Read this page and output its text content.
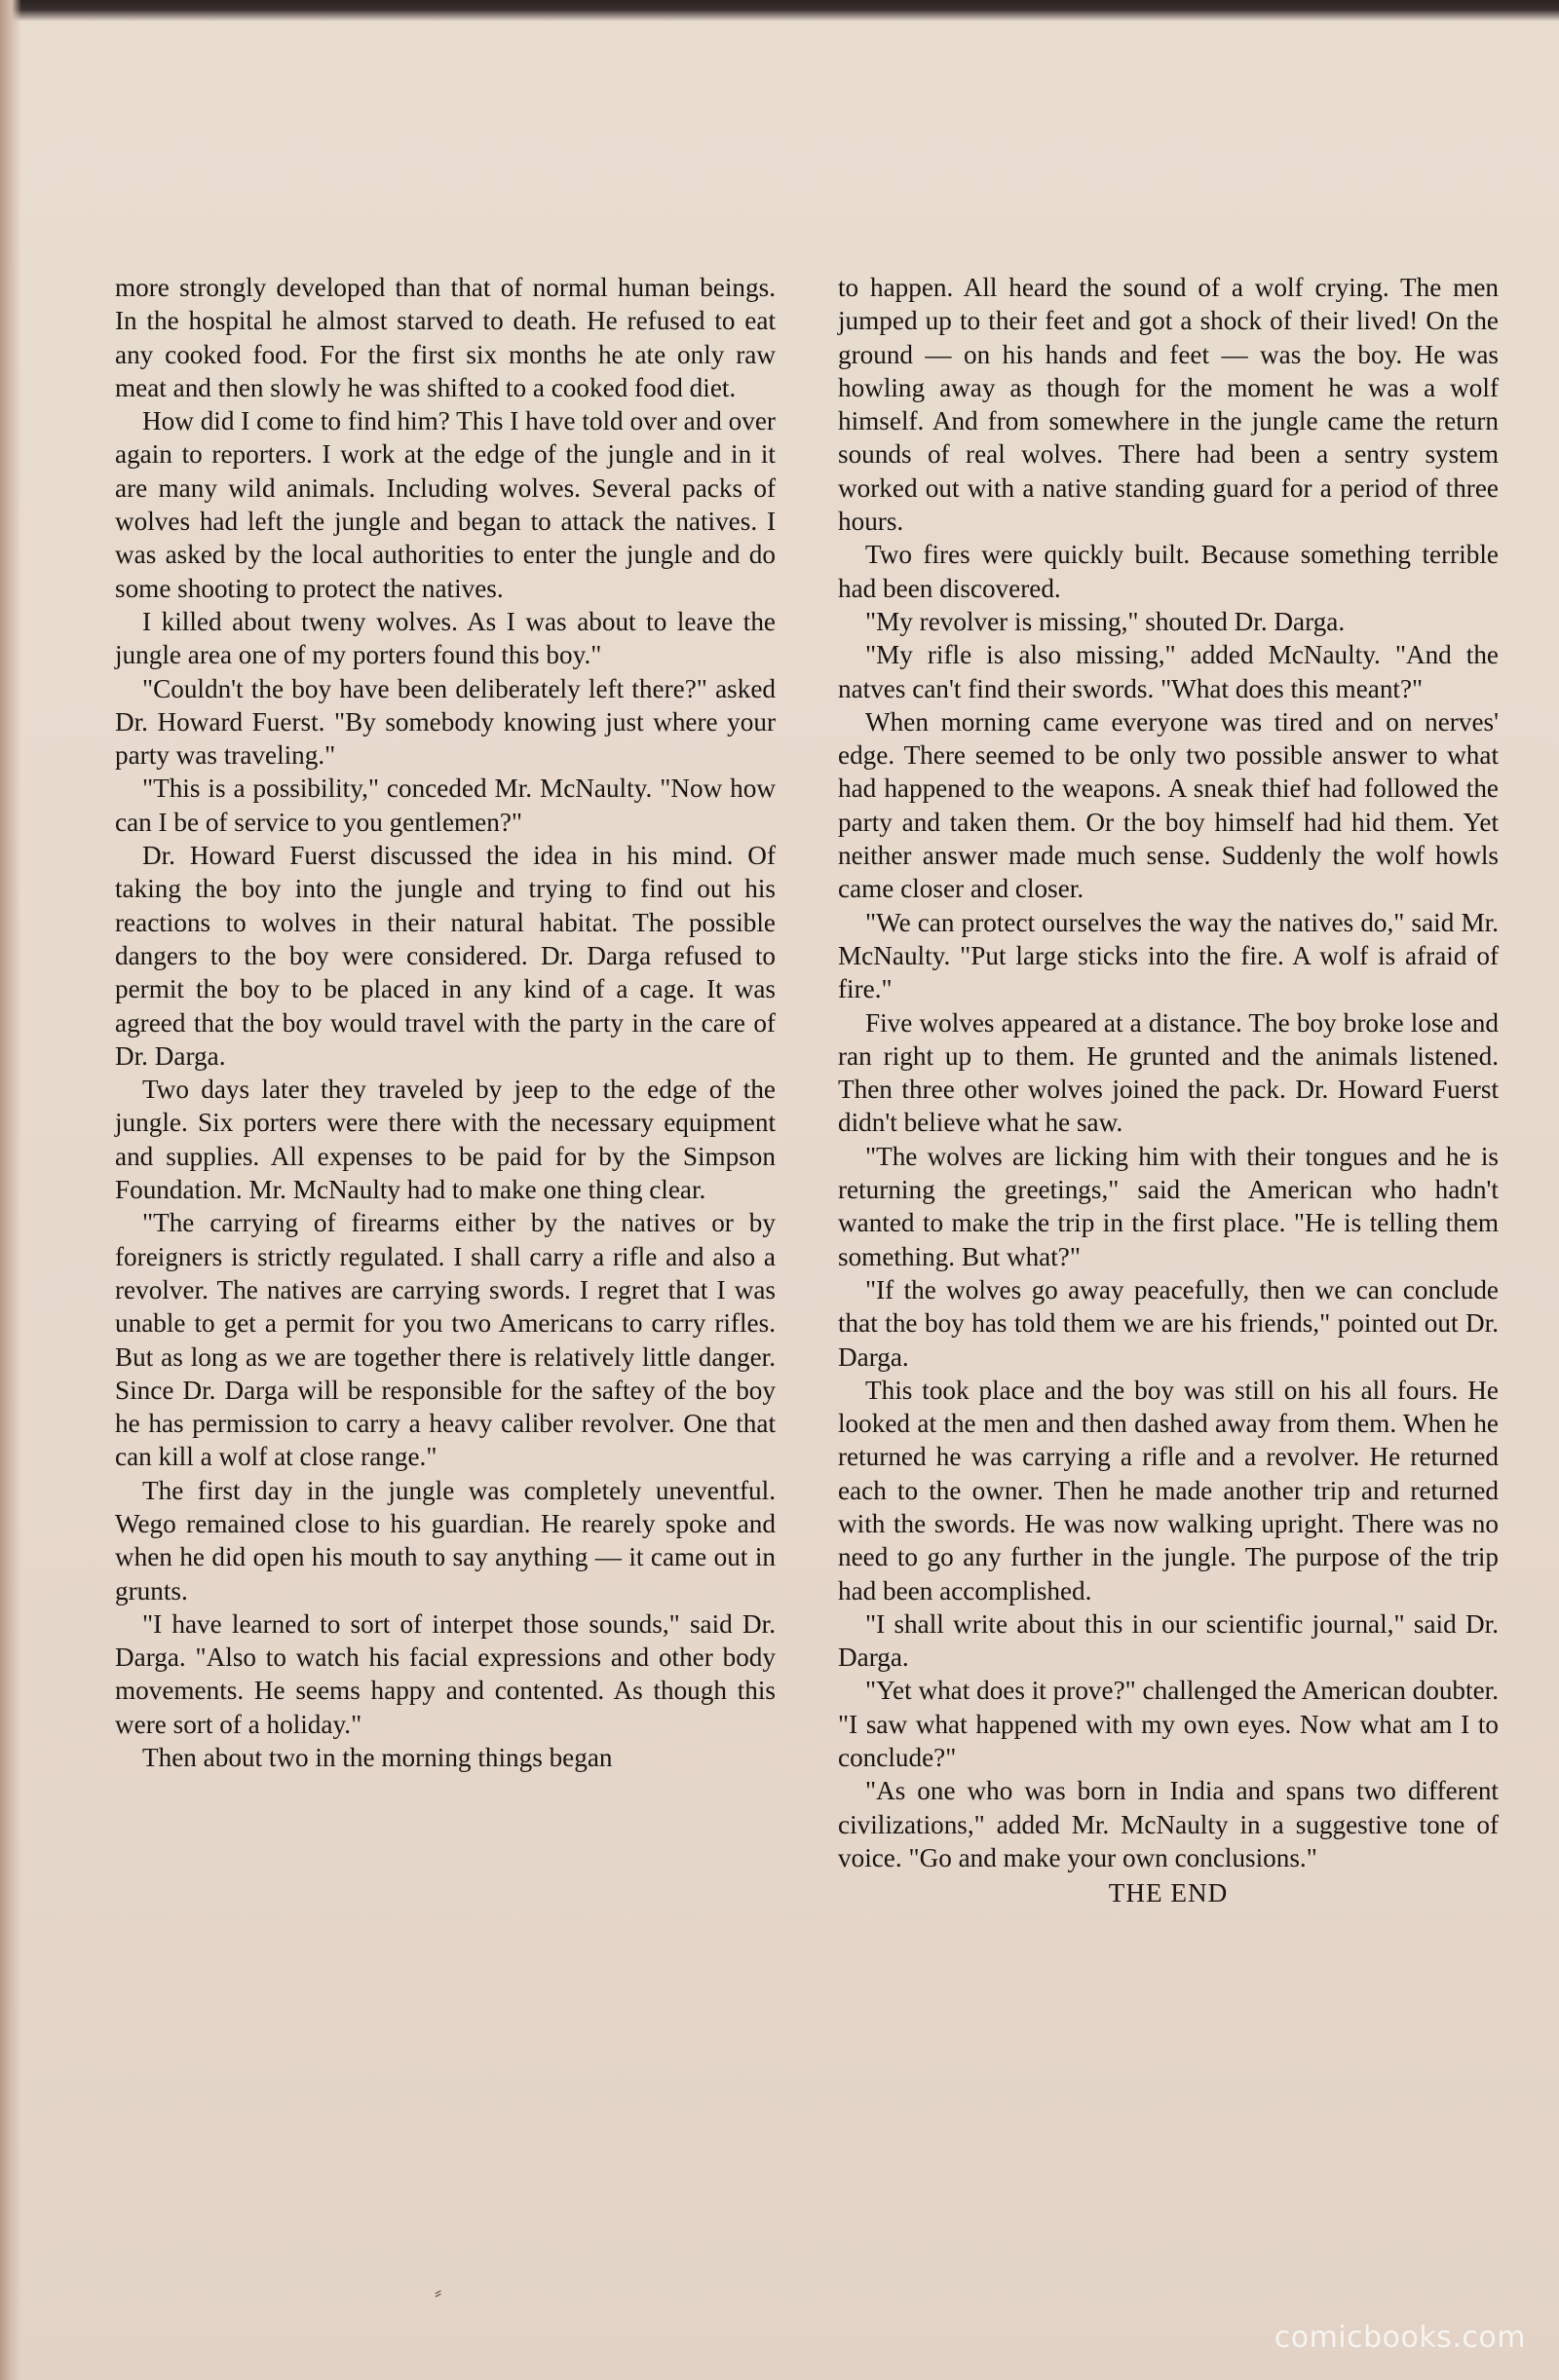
more strongly developed than that of normal human beings. In the hospital he almost starved to death. He refused to eat any cooked food. For the first six months he ate only raw meat and then slowly he was shifted to a cooked food diet.

How did I come to find him? This I have told over and over again to reporters. I work at the edge of the jungle and in it are many wild animals. Including wolves. Several packs of wolves had left the jungle and began to attack the natives. I was asked by the local authorities to enter the jungle and do some shooting to protect the natives.

I killed about tweny wolves. As I was about to leave the jungle area one of my porters found this boy."

"Couldn't the boy have been deliberately left there?" asked Dr. Howard Fuerst. "By somebody knowing just where your party was traveling."

"This is a possibility," conceded Mr. McNaulty. "Now how can I be of service to you gentlemen?"

Dr. Howard Fuerst discussed the idea in his mind. Of taking the boy into the jungle and trying to find out his reactions to wolves in their natural habitat. The possible dangers to the boy were considered. Dr. Darga refused to permit the boy to be placed in any kind of a cage. It was agreed that the boy would travel with the party in the care of Dr. Darga.

Two days later they traveled by jeep to the edge of the jungle. Six porters were there with the necessary equipment and supplies. All expenses to be paid for by the Simpson Foundation. Mr. McNaulty had to make one thing clear.

"The carrying of firearms either by the natives or by foreigners is strictly regulated. I shall carry a rifle and also a revolver. The natives are carrying swords. I regret that I was unable to get a permit for you two Americans to carry rifles. But as long as we are together there is relatively little danger. Since Dr. Darga will be responsible for the saftey of the boy he has permission to carry a heavy caliber revolver. One that can kill a wolf at close range."

The first day in the jungle was completely uneventful. Wego remained close to his guardian. He rearely spoke and when he did open his mouth to say anything — it came out in grunts.

"I have learned to sort of interpet those sounds," said Dr. Darga. "Also to watch his facial expressions and other body movements. He seems happy and contented. As though this were sort of a holiday."

Then about two in the morning things began

to happen. All heard the sound of a wolf crying. The men jumped up to their feet and got a shock of their lived! On the ground — on his hands and feet — was the boy. He was howling away as though for the moment he was a wolf himself. And from somewhere in the jungle came the return sounds of real wolves. There had been a sentry system worked out with a native standing guard for a period of three hours.

Two fires were quickly built. Because something terrible had been discovered.

"My revolver is missing," shouted Dr. Darga.

"My rifle is also missing," added McNaulty. "And the natves can't find their swords. "What does this meant?"

When morning came everyone was tired and on nerves' edge. There seemed to be only two possible answer to what had happened to the weapons. A sneak thief had followed the party and taken them. Or the boy himself had hid them. Yet neither answer made much sense. Suddenly the wolf howls came closer and closer.

"We can protect ourselves the way the natives do," said Mr. McNaulty. "Put large sticks into the fire. A wolf is afraid of fire."

Five wolves appeared at a distance. The boy broke lose and ran right up to them. He grunted and the animals listened. Then three other wolves joined the pack. Dr. Howard Fuerst didn't believe what he saw.

"The wolves are licking him with their tongues and he is returning the greetings," said the American who hadn't wanted to make the trip in the first place. "He is telling them something. But what?"

"If the wolves go away peacefully, then we can conclude that the boy has told them we are his friends," pointed out Dr. Darga.

This took place and the boy was still on his all fours. He looked at the men and then dashed away from them. When he returned he was carrying a rifle and a revolver. He returned each to the owner. Then he made another trip and returned with the swords. He was now walking upright. There was no need to go any further in the jungle. The purpose of the trip had been accomplished.

"I shall write about this in our scientific journal," said Dr. Darga.

"Yet what does it prove?" challenged the American doubter. "I saw what happened with my own eyes. Now what am I to conclude?"

"As one who was born in India and spans two different civilizations," added Mr. McNaulty in a suggestive tone of voice. "Go and make your own conclusions."

THE END

⸗
comicbooks.com
